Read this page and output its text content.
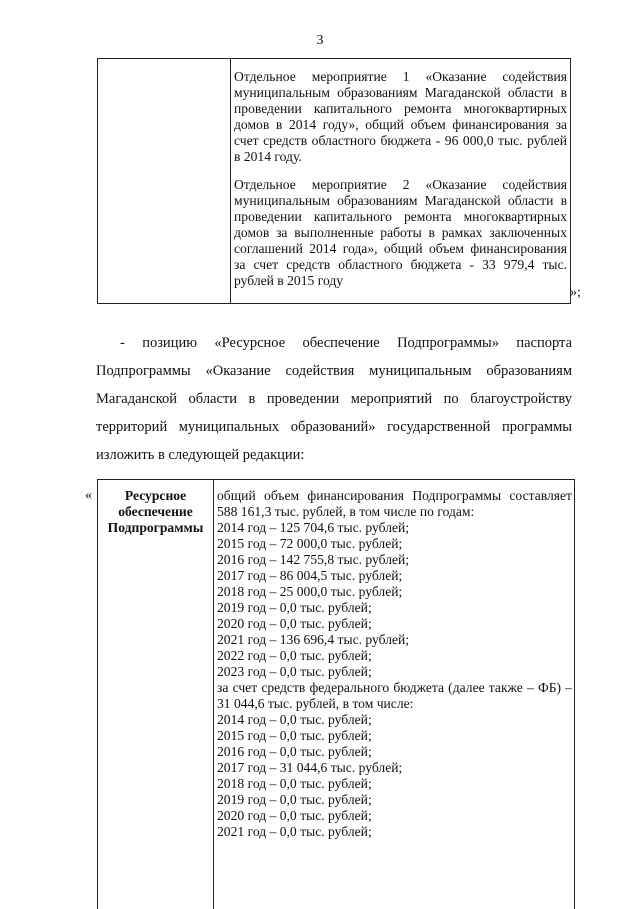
3

Отдельное мероприятие 1 «Оказание содействия муниципальным образованиям Магаданской области в проведении капитального ремонта многоквартирных домов в 2014 году», общий объем финансирования за счет средств областного бюджета - 96 000,0 тыс. рублей в 2014 году.

Отдельное мероприятие 2 «Оказание содействия муниципальным образованиям Магаданской области в проведении капитального ремонта многоквартирных домов за выполненные работы в рамках заключенных соглашений 2014 года», общий объем финансирования за счет средств областного бюджета - 33 979,4 тыс. рублей в 2015 году

»;

- позицию «Ресурсное обеспечение Подпрограммы» паспорта Подпрограммы «Оказание содействия муниципальным образованиям Магаданской области в проведении мероприятий по благоустройству территорий муниципальных образований» государственной программы изложить в следующей редакции:

«	Ресурсное обеспечение Подпрограммы

общий объем финансирования Подпрограммы составляет 588 161,3 тыс. рублей, в том числе по годам:

2014 год – 125 704,6 тыс. рублей;
2015 год – 72 000,0 тыс. рублей;
2016 год – 142 755,8 тыс. рублей;
2017 год – 86 004,5 тыс. рублей;
2018 год – 25 000,0 тыс. рублей;
2019 год – 0,0 тыс. рублей;
2020 год – 0,0 тыс. рублей;
2021 год – 136 696,4 тыс. рублей;
2022 год – 0,0 тыс. рублей;
2023 год – 0,0 тыс. рублей;

за счет средств федерального бюджета (далее также – ФБ) – 31 044,6 тыс. рублей, в том числе:

2014 год – 0,0 тыс. рублей;
2015 год – 0,0 тыс. рублей;
2016 год – 0,0 тыс. рублей;
2017 год – 31 044,6 тыс. рублей;
2018 год – 0,0 тыс. рублей;
2019 год – 0,0 тыс. рублей;
2020 год – 0,0 тыс. рублей;
2021 год – 0,0 тыс. рублей;
